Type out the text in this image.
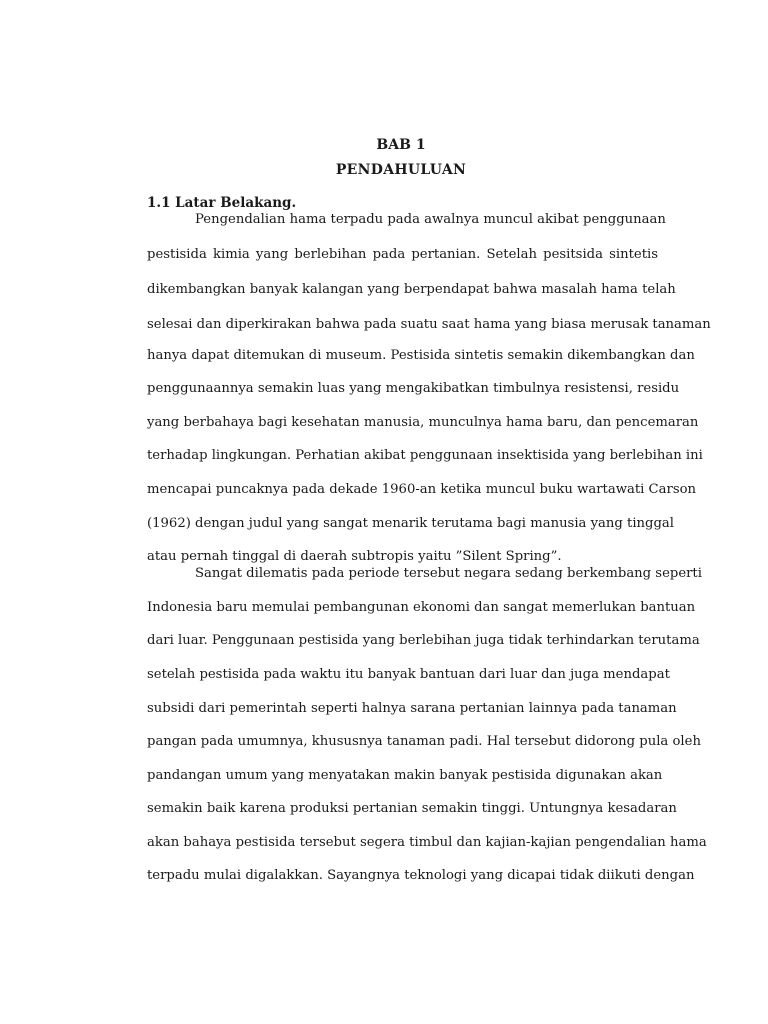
BAB 1
PENDAHULUAN
1.1 Latar Belakang.

Pengendalian hama terpadu pada awalnya muncul akibat penggunaan

pestisida kimia yang berlebihan pada pertanian. Setelah pesitsida sintetis

dikembangkan banyak kalangan yang berpendapat bahwa masalah hama telah

selesai dan diperkirakan bahwa pada suatu saat hama yang biasa merusak tanaman

hanya dapat ditemukan di museum. Pestisida sintetis semakin dikembangkan dan

penggunaannya semakin luas yang mengakibatkan timbulnya resistensi, residu

yang berbahaya bagi kesehatan manusia, munculnya hama baru, dan pencemaran

terhadap lingkungan. Perhatian akibat penggunaan insektisida yang berlebihan ini

mencapai puncaknya pada dekade 1960-an ketika muncul buku wartawati Carson

(1962) dengan judul yang sangat menarik terutama bagi manusia yang tinggal

atau pernah tinggal di daerah subtropis yaitu ”Silent Spring”.

Sangat dilematis pada periode tersebut negara sedang berkembang seperti

Indonesia baru memulai pembangunan ekonomi dan sangat memerlukan bantuan

dari luar. Penggunaan pestisida yang berlebihan juga tidak terhindarkan terutama

setelah pestisida pada waktu itu banyak bantuan dari luar dan juga mendapat

subsidi dari pemerintah seperti halnya sarana pertanian lainnya pada tanaman

pangan pada umumnya, khususnya tanaman padi. Hal tersebut didorong pula oleh

pandangan umum yang menyatakan makin banyak pestisida digunakan akan

semakin baik karena produksi pertanian semakin tinggi. Untungnya kesadaran

akan bahaya pestisida tersebut segera timbul dan kajian-kajian pengendalian hama

terpadu mulai digalakkan. Sayangnya teknologi yang dicapai tidak diikuti dengan
